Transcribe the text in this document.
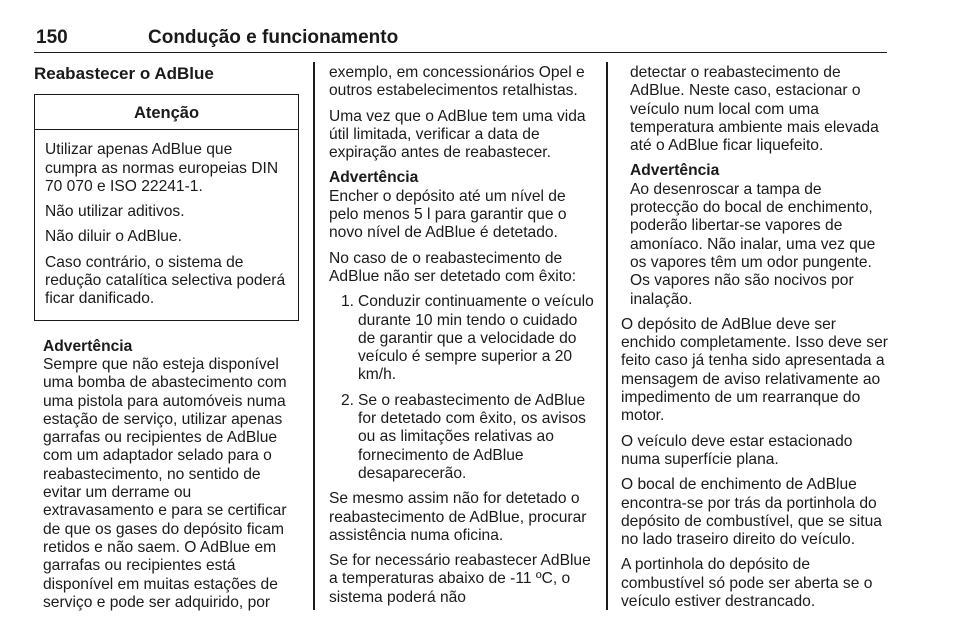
150	Condução e funcionamento
Reabastecer o AdBlue
Atenção

Utilizar apenas AdBlue que cumpra as normas europeias DIN 70 070 e ISO 22241-1.

Não utilizar aditivos.

Não diluir o AdBlue.

Caso contrário, o sistema de redução catalítica selectiva poderá ficar danificado.

Advertência
Sempre que não esteja disponível uma bomba de abastecimento com uma pistola para automóveis numa estação de serviço, utilizar apenas garrafas ou recipientes de AdBlue com um adaptador selado para o reabastecimento, no sentido de evitar um derrame ou extravasamento e para se certificar de que os gases do depósito ficam retidos e não saem. O AdBlue em garrafas ou recipientes está disponível em muitas estações de serviço e pode ser adquirido, por

exemplo, em concessionários Opel e outros estabelecimentos retalhistas.

Uma vez que o AdBlue tem uma vida útil limitada, verificar a data de expiração antes de reabastecer.

Advertência
Encher o depósito até um nível de pelo menos 5 l para garantir que o novo nível de AdBlue é detetado.

No caso de o reabastecimento de AdBlue não ser detetado com êxito:

1. Conduzir continuamente o veículo durante 10 min tendo o cuidado de garantir que a velocidade do veículo é sempre superior a 20 km/h.
2. Se o reabastecimento de AdBlue for detetado com êxito, os avisos ou as limitações relativas ao fornecimento de AdBlue desaparecerão.

Se mesmo assim não for detetado o reabastecimento de AdBlue, procurar assistência numa oficina.

Se for necessário reabastecer AdBlue a temperaturas abaixo de -11 ºC, o sistema poderá não

detectar o reabastecimento de AdBlue. Neste caso, estacionar o veículo num local com uma temperatura ambiente mais elevada até o AdBlue ficar liquefeito.
Advertência
Ao desenroscar a tampa de protecção do bocal de enchimento, poderão libertar-se vapores de amoníaco. Não inalar, uma vez que os vapores têm um odor pungente. Os vapores não são nocivos por inalação.

O depósito de AdBlue deve ser enchido completamente. Isso deve ser feito caso já tenha sido apresentada a mensagem de aviso relativamente ao impedimento de um rearranque do motor.

O veículo deve estar estacionado numa superfície plana.

O bocal de enchimento de AdBlue encontra-se por trás da portinhola do depósito de combustível, que se situa no lado traseiro direito do veículo.

A portinhola do depósito de combustível só pode ser aberta se o veículo estiver destrancado.
